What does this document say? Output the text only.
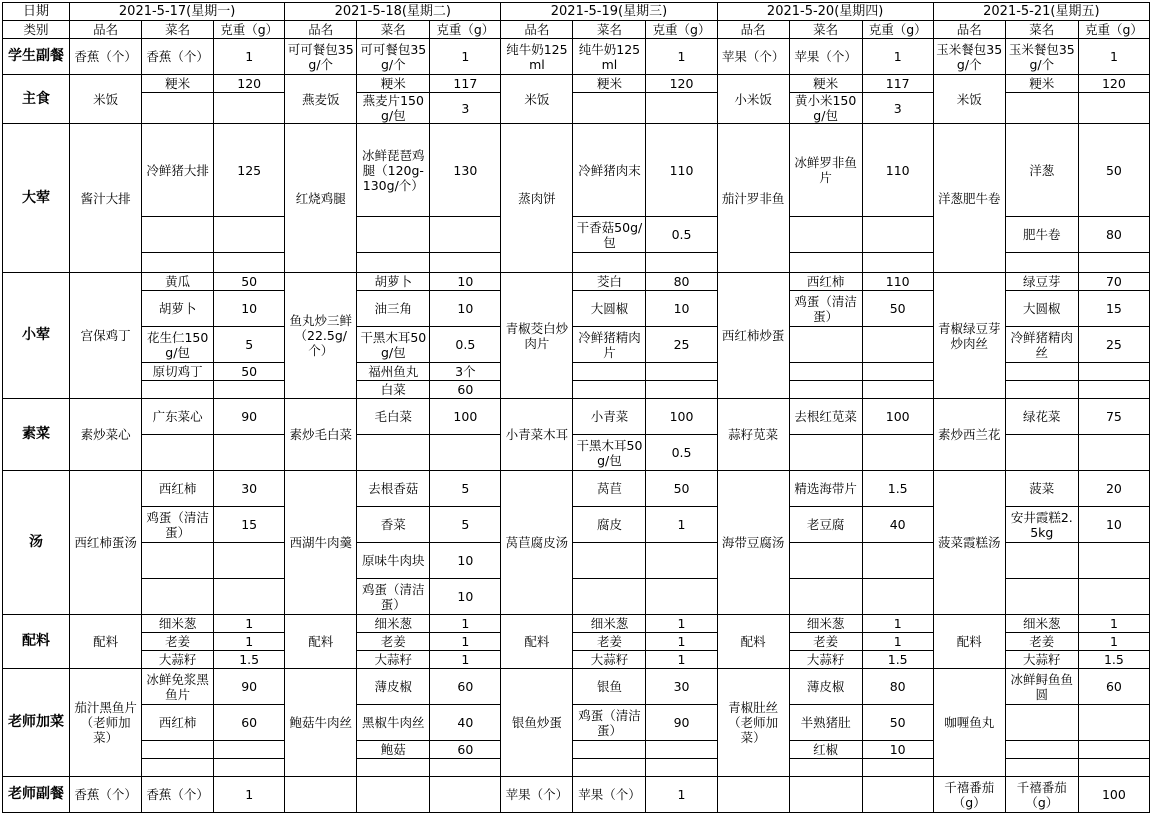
日期	2021-5-17(星期一)			2021-5-18(星期二)			2021-5-19(星期三)			2021-5-20(星期四)			2021-5-21(星期五)		
类别	品名	菜名	克重（g）	品名	菜名	克重（g）	品名	菜名	克重（g）	品名	菜名	克重（g）	品名	菜名	克重（g）
学生副餐	香蕉（个）	香蕉（个）	1	可可餐包35g/个	可可餐包35g/个	1	纯牛奶125ml	纯牛奶125ml	1	苹果（个）	苹果（个）	1	玉米餐包35g/个	玉米餐包35g/个	1
主食	米饭	粳米	120	燕麦饭	粳米	117	米饭	粳米	120	小米饭	粳米	117	米饭	粳米	120
					燕麦片150g/包	3					黄小米150g/包	3			
大荤	酱汁大排	冷鲜猪大排	125	红烧鸡腿	冰鲜琵琶鸡腿（120g-130g/个）	130	蒸肉饼	冷鲜猪肉末	110	茄汁罗非鱼	冰鲜罗非鱼片	110	洋葱肥牛卷	洋葱	50
								干香菇50g/包	0.5					肥牛卷	80

小荤	宫保鸡丁	黄瓜	50	鱼丸炒三鲜（22.5g/个）	胡萝卜	10	青椒茭白炒肉片	茭白	80	西红柿炒蛋	西红柿	110	青椒绿豆芽炒肉丝	绿豆芽	70
		胡萝卜	10		油三角	10		大圆椒	10		鸡蛋（清洁蛋）	50		大圆椒	15
		花生仁150g/包	5		干黑木耳50g/包	0.5		冷鲜猪精肉片	25					冷鲜猪精肉丝	25
		原切鸡丁	50		福州鱼丸	3个									
					白菜	60									
素菜	素炒菜心	广东菜心	90	素炒毛白菜	毛白菜	100	小青菜木耳	小青菜	100	蒜籽苋菜	去根红苋菜	100	素炒西兰花	绿花菜	75
								干黑木耳50g/包	0.5						
汤	西红柿蛋汤	西红柿	30	西湖牛肉羹	去根香菇	5	莴苣腐皮汤	莴苣	50	海带豆腐汤	精选海带片	1.5	菠菜霞糕汤	菠菜	20
		鸡蛋（清洁蛋）	15		香菜	5		腐皮	1		老豆腐	40		安井霞糕2.5kg	10
					原味牛肉块	10									
					鸡蛋（清洁蛋）	10									
配料	配料	细米葱	1	配料	细米葱	1	配料	细米葱	1	配料	细米葱	1	配料	细米葱	1
		老姜	1		老姜	1		老姜	1		老姜	1		老姜	1
		大蒜籽	1.5		大蒜籽	1		大蒜籽	1		大蒜籽	1.5		大蒜籽	1.5
老师加菜	茄汁黑鱼片（老师加菜）	冰鲜免浆黑鱼片	90	鲍菇牛肉丝	薄皮椒	60	银鱼炒蛋	银鱼	30	青椒肚丝（老师加菜）	薄皮椒	80	咖喱鱼丸	冰鲜鲟鱼鱼圆	60
		西红柿	60		黑椒牛肉丝	40		鸡蛋（清洁蛋）	90		半熟猪肚	50			
					鲍菇	60					红椒	10			

老师副餐	香蕉（个）	香蕉（个）	1				苹果（个）	苹果（个）	1				千禧番茄（g）	千禧番茄（g）	100
